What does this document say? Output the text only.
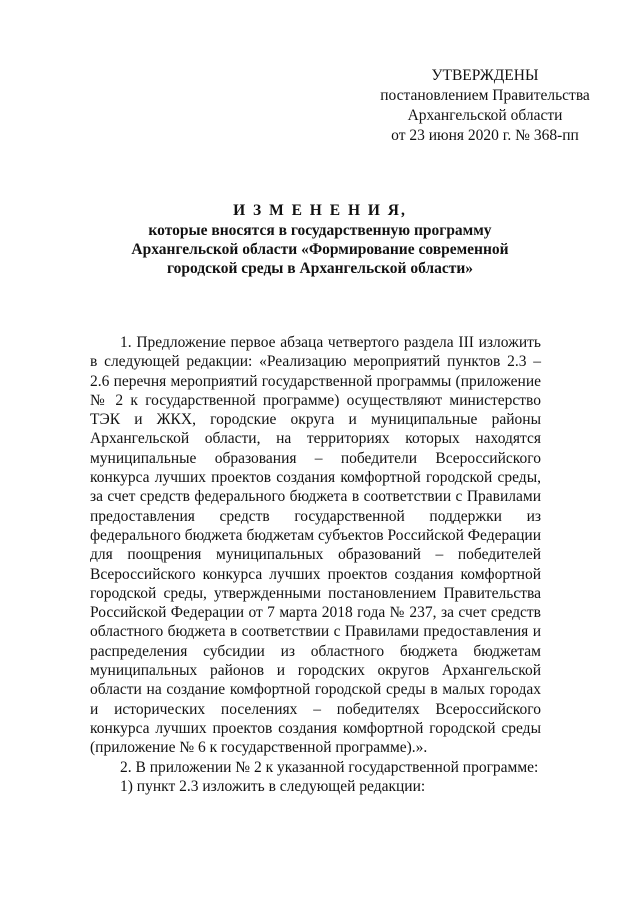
УТВЕРЖДЕНЫ
постановлением Правительства
Архангельской области
от 23 июня 2020 г. № 368-пп
И З М Е Н Е Н И Я,
которые вносятся в государственную программу
Архангельской области «Формирование современной
городской среды в Архангельской области»

1. Предложение первое абзаца четвертого раздела III изложить в следующей редакции: «Реализацию мероприятий пунктов 2.3 – 2.6 перечня мероприятий государственной программы (приложение № 2 к государственной программе) осуществляют министерство ТЭК и ЖКХ, городские округа и муниципальные районы Архангельской области, на территориях которых находятся муниципальные образования – победители Всероссийского конкурса лучших проектов создания комфортной городской среды, за счет средств федерального бюджета в соответствии с Правилами предоставления средств государственной поддержки из федерального бюджета бюджетам субъектов Российской Федерации для поощрения муниципальных образований – победителей Всероссийского конкурса лучших проектов создания комфортной городской среды, утвержденными постановлением Правительства Российской Федерации от 7 марта 2018 года № 237, за счет средств областного бюджета в соответствии с Правилами предоставления и распределения субсидии из областного бюджета бюджетам муниципальных районов и городских округов Архангельской области на создание комфортной городской среды в малых городах и исторических поселениях – победителях Всероссийского конкурса лучших проектов создания комфортной городской среды (приложение № 6 к государственной программе).».

2. В приложении № 2 к указанной государственной программе:

1) пункт 2.3 изложить в следующей редакции:
